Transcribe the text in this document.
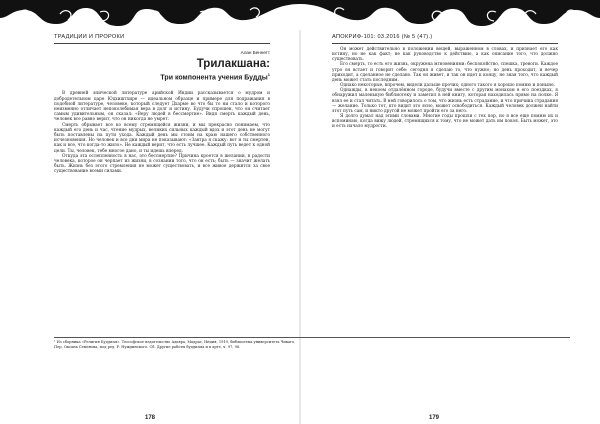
ТРАДИЦИИ И ПРОРОКИ
Алан Беннетт
Трилакшана:
Три компонента учения Будды$^1$

В древней эпической литературе арийской Индии рассказывается о мудром и добродетельном царе Юдхиштхире — идеальном образце и примере для подражания в подобной литературе, человеке, который следует Дхарме во что бы то ни стало и которого неизменно отличает непоколебимая вера в долг и истину. Будучи спрошен, что он считает самым удивительным, он сказал: «Веру людей в бессмертие». Видя смерть каждый день, человек все равно верит, что он никогда не умрет.

Смерть обрывает все ко всему стремящейся жизни, и мы прекрасно понимаем, что каждый его день и час, чтение мудрых, великих сильных каждый вдох и этот день не могут быть поставлены на пути ухода. Каждый день мы стоим на краю нашего собственного исчезновения. Но человек и все дни мира не показывают: «Завтра я скажу: вот и ты смертен, как и все, что когда-то жило». Не каждый верит, что есть лучшее. Каждый путь ведет к одной цели. Ты, человек, тебе многое дано, и ты идешь вперед.

Откуда эта ослепленность в нас, это бессмертие? Причина кроется в желании, в радости человека, которое он черпает из жизни, в сознании того, что он есть; быть — значит желать быть. Жизнь без этого стремления не может существовать, и все живое держится за свое существование всеми силами.

¹ Из сборника «Религия Буддизм». Теософское издательство Адьяра, Мадрас, Индия, 1919, библиотека университета Чикаго.

Пер. Оксана Семенова, под ред. Р. Нуждинского. Сб. Другие работы буддизма и в арте, ч. 97, 98.

АПОКРИФ-101: 03.2016 (№ 5 (47).)

Он может действительно в положении вещей, выраженном в словах, и признает его как истину, но не как факт; не как руководство к действию, а как описание того, что должно существовать.

Его смерть, то есть его жизнь, окружена мгновениями: беспокойство, спешка, тревоги. Каждое утро он встает и говорит себе: сегодня я сделаю то, что нужно; но день проходит, и вечер приходит, а сделанное не сделано. Так он живет, и так он идет к концу, не зная того, что каждый день может стать последним.

Однако некоторые, впрочем, видели дальше прочих; одного такого я хорошо помню и поныне.

Однажды, в некоем отдалённом городе, будучи вместе с другим монахом в его поездках, я обнаружил маленькую библиотеку и заметил в ней книгу, которая находилась прямо на полке. Я взял ее и стал читать. В ней говорилось о том, что жизнь есть страдание, и что причина страдания — желание. Только тот, кто видит это ясно, может освободиться. Каждый человек должен найти этот путь сам, и никто другой не может пройти его за него.

Я долго думал над этими словами. Многие годы прошли с тех пор, но я все еще помню их и вспоминаю, когда вижу людей, стремящихся к тому, что не может дать им покоя. Быть может, это и есть начало мудрости.

178	179
